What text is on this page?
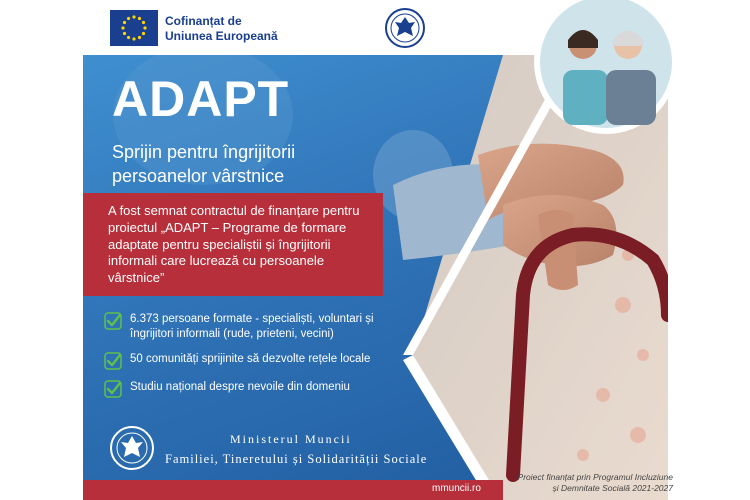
Cofinanțat de
Uniunea Europeană
ADAPT
Sprijin pentru îngrijitorii
persoanelor vârstnice
A fost semnat contractul de finanțare pentru proiectul „ADAPT – Programe de formare adaptate pentru specialiștii și îngrijitorii informali care lucrează cu persoanele vârstnice”
6.373 persoane formate - specialiști, voluntari și îngrijitori informali (rude, prieteni, vecini)
50 comunități sprijinite să dezvolte rețele locale
Studiu național despre nevoile din domeniu
Ministerul Muncii
Familiei, Tineretului și Solidarității Sociale
mmuncii.ro
Proiect finanțat prin Programul Incluziune
și Demnitate Socială 2021-2027
